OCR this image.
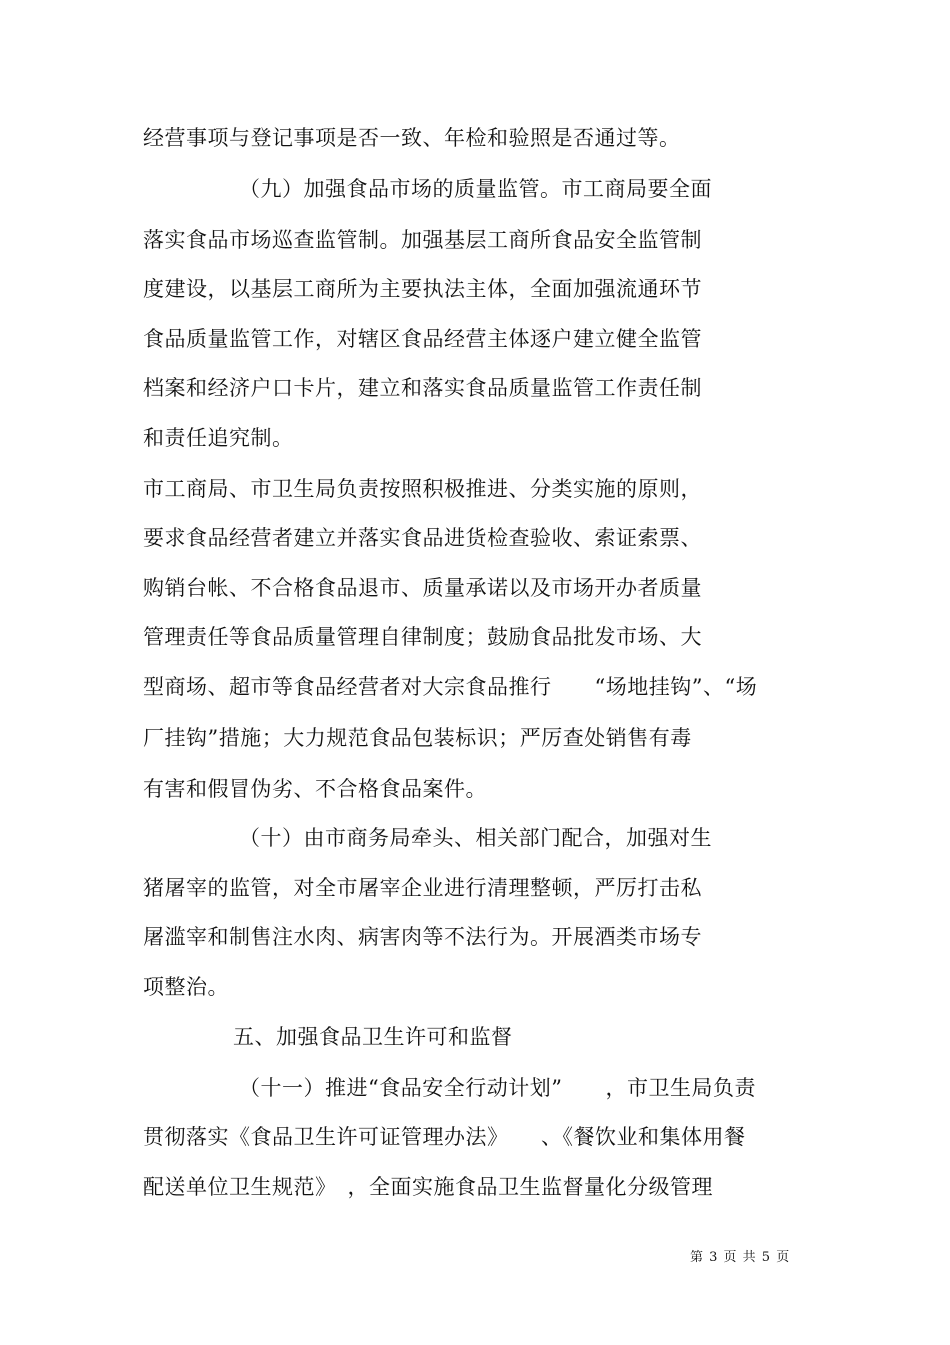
经营事项与登记事项是否一致、年检和验照是否通过等。
（九）加强食品市场的质量监管。市工商局要全面
落实食品市场巡查监管制。加强基层工商所食品安全监管制
度建设，以基层工商所为主要执法主体，全面加强流通环节
食品质量监管工作，对辖区食品经营主体逐户建立健全监管
档案和经济户口卡片，建立和落实食品质量监管工作责任制
和责任追究制。
市工商局、市卫生局负责按照积极推进、分类实施的原则，
要求食品经营者建立并落实食品进货检查验收、索证索票、
购销台帐、不合格食品退市、质量承诺以及市场开办者质量
管理责任等食品质量管理自律制度；鼓励食品批发市场、大
型商场、超市等食品经营者对大宗食品推行　　“场地挂钩”、“场
厂挂钩”措施；大力规范食品包装标识；严厉查处销售有毒
有害和假冒伪劣、不合格食品案件。
（十）由市商务局牵头、相关部门配合，加强对生
猪屠宰的监管，对全市屠宰企业进行清理整顿，严厉打击私
屠滥宰和制售注水肉、病害肉等不法行为。开展酒类市场专
项整治。
五、加强食品卫生许可和监督
（十一）推进“食品安全行动计划”　　，市卫生局负责
贯彻落实《食品卫生许可证管理办法》　　、《餐饮业和集体用餐
配送单位卫生规范》　，全面实施食品卫生监督量化分级管理
第 3 页 共 5 页
